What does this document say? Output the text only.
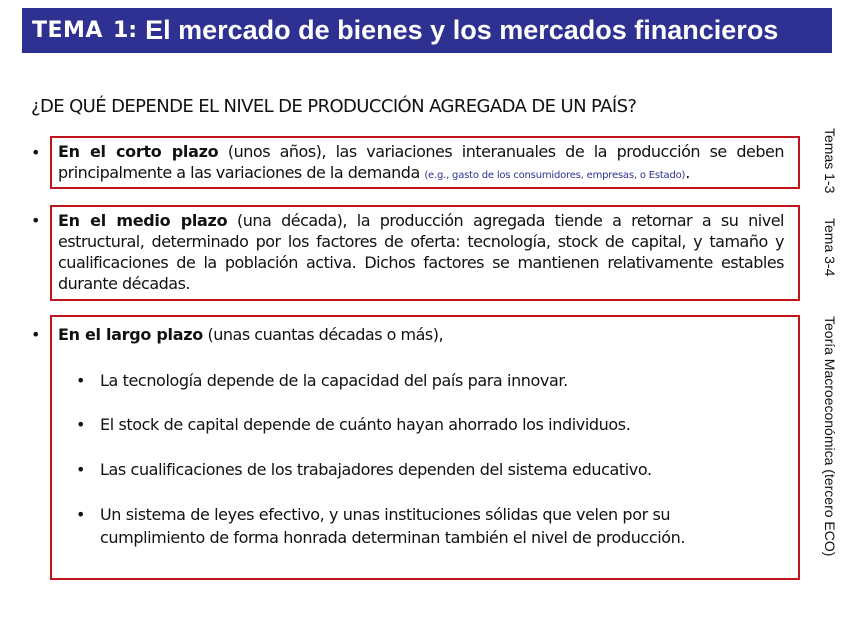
TEMA 1: El mercado de bienes y los mercados financieros
¿DE QUÉ DEPENDE EL NIVEL DE PRODUCCIÓN AGREGADA DE UN PAÍS?
•	En el corto plazo (unos años), las variaciones interanuales de la producción se deben principalmente a las variaciones de la demanda (e.g., gasto de los consumidores, empresas, o Estado).
•	En el medio plazo (una década), la producción agregada tiende a retornar a su nivel estructural, determinado por los factores de oferta: tecnología, stock de capital, y tamaño y cualificaciones de la población activa. Dichos factores se mantienen relativamente estables durante décadas.
•	En el largo plazo (unas cuantas décadas o más),
• La tecnología depende de la capacidad del país para innovar.
• El stock de capital depende de cuánto hayan ahorrado los individuos.
• Las cualificaciones de los trabajadores dependen del sistema educativo.
• Un sistema de leyes efectivo, y unas instituciones sólidas que velen por su cumplimiento de forma honrada determinan también el nivel de producción.
Temas 1-3
Tema 3-4
Teoría Macroeconómica (tercero ECO)
